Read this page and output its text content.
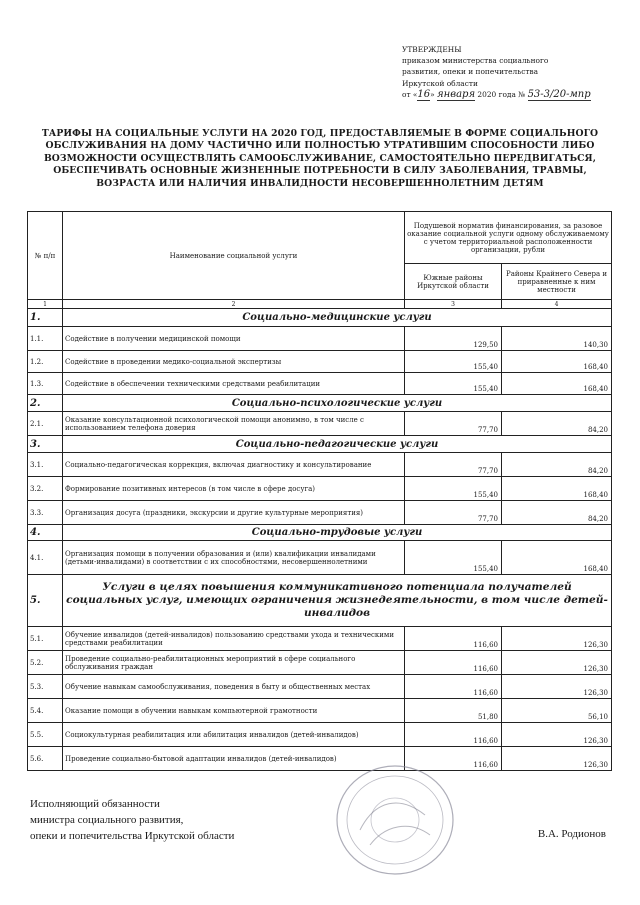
УТВЕРЖДЕНЫ
приказом министерства социального
развития, опеки и попечительства
Иркутской области
от «16» января 2020 года № 53-3/20-мпр
ТАРИФЫ НА СОЦИАЛЬНЫЕ УСЛУГИ НА 2020 ГОД, ПРЕДОСТАВЛЯЕМЫЕ В ФОРМЕ СОЦИАЛЬНОГО ОБСЛУЖИВАНИЯ НА ДОМУ ЧАСТИЧНО ИЛИ ПОЛНОСТЬЮ УТРАТИВШИМ СПОСОБНОСТИ ЛИБО ВОЗМОЖНОСТИ ОСУЩЕСТВЛЯТЬ САМООБСЛУЖИВАНИЕ, САМОСТОЯТЕЛЬНО ПЕРЕДВИГАТЬСЯ, ОБЕСПЕЧИВАТЬ ОСНОВНЫЕ ЖИЗНЕННЫЕ ПОТРЕБНОСТИ В СИЛУ ЗАБОЛЕВАНИЯ, ТРАВМЫ, ВОЗРАСТА ИЛИ НАЛИЧИЯ ИНВАЛИДНОСТИ НЕСОВЕРШЕННОЛЕТНИМ ДЕТЯМ
№ п/п	Наименование социальной услуги	Подушевой норматив финансирования, за разовое оказание социальной услуги одному обслуживаемому с учетом территориальной расположенности организации, рубли	
		Южные районы Иркутской области	Районы Крайнего Севера и приравненные к ним местности
1	2	3	4
1.	Социально-медицинские услуги		
1.1.	Содействие в получении медицинской помощи	129,50	140,30
1.2.	Содействие в проведении медико-социальной экспертизы	155,40	168,40
1.3.	Содействие в обеспечении техническими средствами реабилитации	155,40	168,40
2.	Социально-психологические услуги		
2.1.	Оказание консультационной психологической помощи анонимно, в том числе с использованием телефона доверия	77,70	84,20
3.	Социально-педагогические услуги		
3.1.	Социально-педагогическая коррекция, включая диагностику и консультирование	77,70	84,20
3.2.	Формирование позитивных интересов (в том числе в сфере досуга)	155,40	168,40
3.3.	Организация досуга (праздники, экскурсии и другие культурные мероприятия)	77,70	84,20
4.	Социально-трудовые услуги		
4.1.	Организация помощи в получении образования и (или) квалификации инвалидами (детьми-инвалидами) в соответствии с их способностями, несовершеннолетними	155,40	168,40
5.	Услуги в целях повышения коммуникативного потенциала получателей социальных услуг, имеющих ограничения жизнедеятельности, в том числе детей-инвалидов		
5.1.	Обучение инвалидов (детей-инвалидов) пользованию средствами ухода и техническими средствами реабилитации	116,60	126,30
5.2.	Проведение социально-реабилитационных мероприятий в сфере социального обслуживания граждан	116,60	126,30
5.3.	Обучение навыкам самообслуживания, поведения в быту и общественных местах	116,60	126,30
5.4.	Оказание помощи в обучении навыкам компьютерной грамотности	51,80	56,10
5.5.	Социокультурная реабилитация или абилитация инвалидов (детей-инвалидов)	116,60	126,30
5.6.	Проведение социально-бытовой адаптации инвалидов (детей-инвалидов)	116,60	126,30
Исполняющий обязанности
министра социального развития,
опеки и попечительства Иркутской области	В.А. Родионов
